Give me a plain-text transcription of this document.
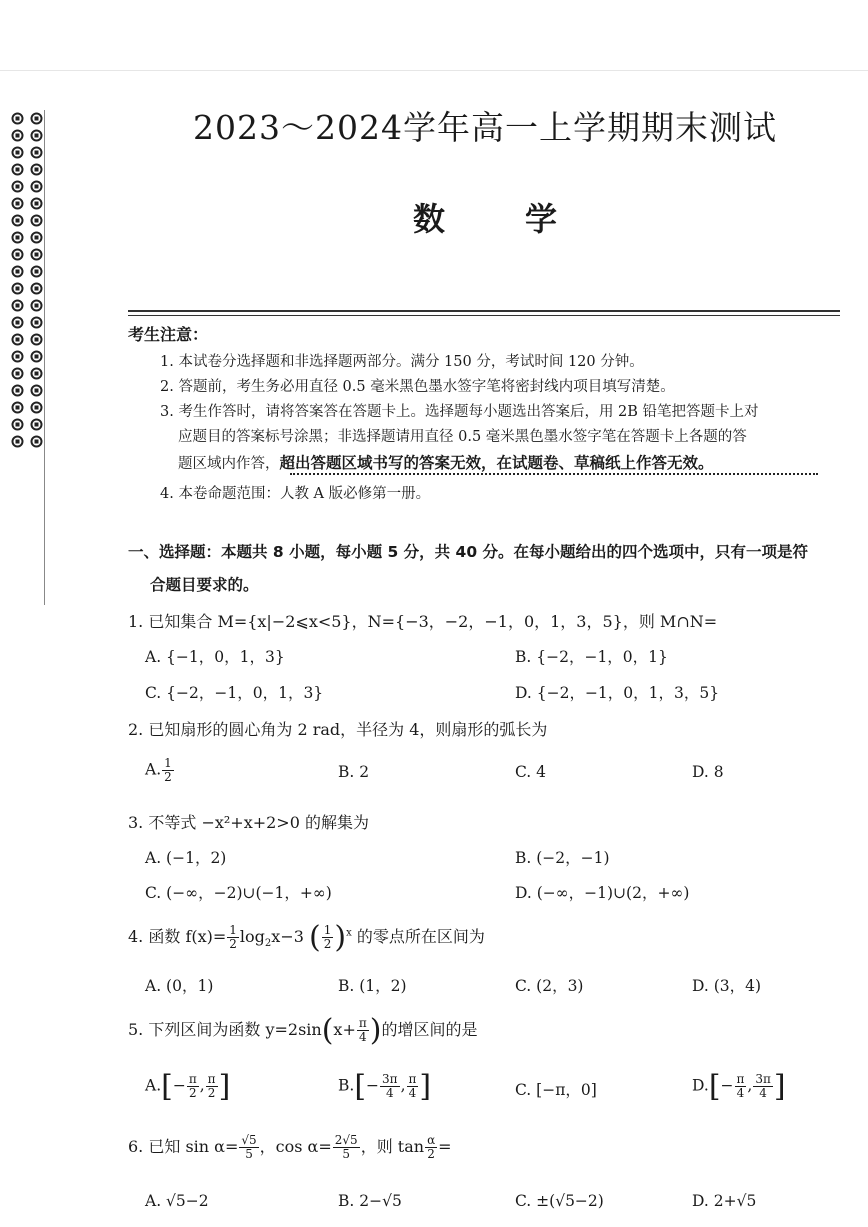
2023～2024学年高一上学期期末测试
数	学
考生注意：
1. 本试卷分选择题和非选择题两部分。满分 150 分，考试时间 120 分钟。
2. 答题前，考生务必用直径 0.5 毫米黑色墨水签字笔将密封线内项目填写清楚。
3. 考生作答时，请将答案答在答题卡上。选择题每小题选出答案后，用 2B 铅笔把答题卡上对
应题目的答案标号涂黑；非选择题请用直径 0.5 毫米黑色墨水签字笔在答题卡上各题的答
题区域内作答，超出答题区域书写的答案无效，在试题卷、草稿纸上作答无效。
4. 本卷命题范围：人教 A 版必修第一册。
一、选择题：本题共 8 小题，每小题 5 分，共 40 分。在每小题给出的四个选项中，只有一项是符
合题目要求的。
1. 已知集合 M={x|−2⩽x<5}，N={−3，−2，−1，0，1，3，5}，则 M∩N=
A. {−1，0，1，3}	B. {−2，−1，0，1}
C. {−2，−1，0，1，3}	D. {−2，−1，0，1，3，5}
2. 已知扇形的圆心角为 2 rad，半径为 4，则扇形的弧长为
A. $\frac{1}{2}$	B. 2	C. 4	D. 8
3. 不等式 −x²+x+2>0 的解集为
A. (−1，2)	B. (−2，−1)
C. (−∞，−2)∪(−1，+∞)	D. (−∞，−1)∪(2，+∞)
4. 函数 $f(x)= \frac{1}{2} \log_2x-3$ ( $\frac{1}{2} )^x$ 的零点所在区间为
A. (0，1)	B. (1，2)	C. (2，3)	D. (3，4)
5. 下列区间为函数 $y=2\sin(x+ \frac{\pi}{4}$ )的增区间的是
$A.[- \frac{\pi}{2}$ , $\frac{\pi}{2}$ ]	$B.[- \frac{3\pi}{4}$ , $\frac{\pi}{4}$ ]	C. [−π，0]	$D.[- \frac{\pi}{4}$ , $\frac{3\pi}{4}$ ]
6. 已知 $\sin \alpha= \frac{√5}{5}$ ，$\cos \alpha= \frac{2√5}{5}$ ，则 $\tan \frac{\alpha}{2}$ =
A. √5−2	B. 2−√5	C. ±(√5−2)	D. 2+√5
